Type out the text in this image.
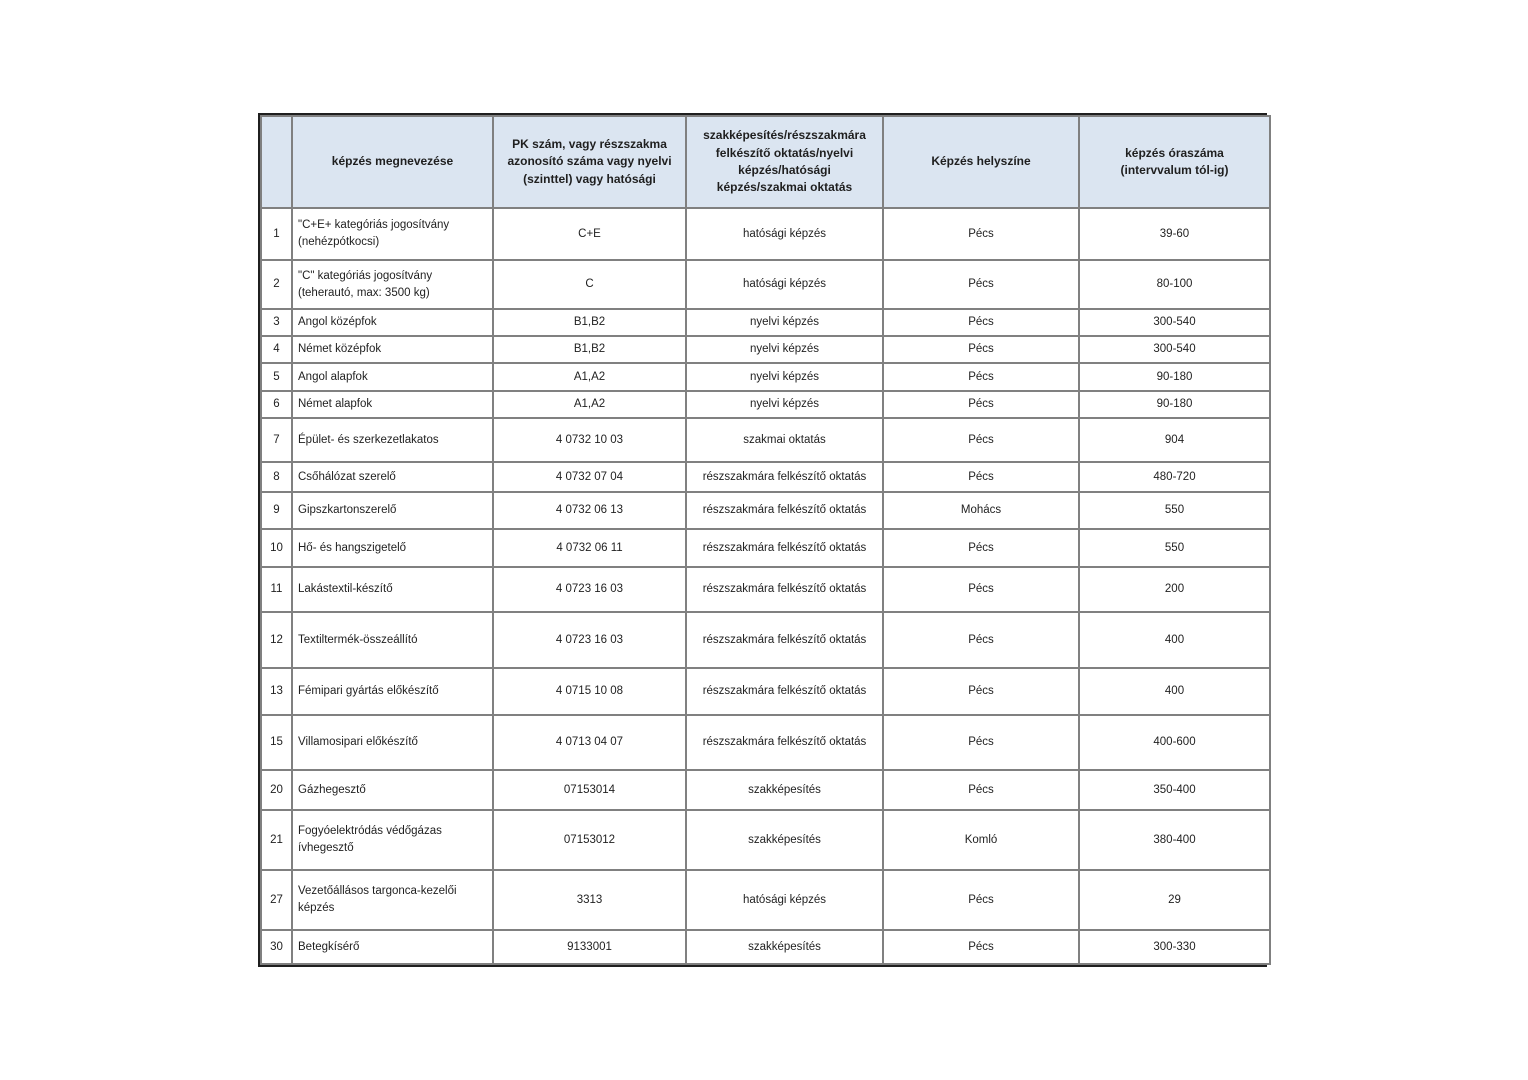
	képzés megnevezése	PK szám, vagy részszakma azonosító száma vagy nyelvi (szinttel) vagy hatósági	szakképesítés/részszakmára felkészítő oktatás/nyelvi képzés/hatósági képzés/szakmai oktatás	Képzés helyszíne	képzés óraszáma (intervvalum tól-ig)
1	"C+E+ kategóriás jogosítvány (nehézpótkocsi)	C+E	hatósági képzés	Pécs	39-60
2	"C" kategóriás jogosítvány (teherautó, max: 3500 kg)	C	hatósági képzés	Pécs	80-100
3	Angol középfok	B1,B2	nyelvi képzés	Pécs	300-540
4	Német középfok	B1,B2	nyelvi képzés	Pécs	300-540
5	Angol alapfok	A1,A2	nyelvi képzés	Pécs	90-180
6	Német alapfok	A1,A2	nyelvi képzés	Pécs	90-180
7	Épület- és szerkezetlakatos	4 0732 10 03	szakmai oktatás	Pécs	904
8	Csőhálózat szerelő	4 0732 07 04	részszakmára felkészítő oktatás	Pécs	480-720
9	Gipszkartonszerelő	4 0732 06 13	részszakmára felkészítő oktatás	Mohács	550
10	Hő- és hangszigetelő	4 0732 06 11	részszakmára felkészítő oktatás	Pécs	550
11	Lakástextil-készítő	4 0723 16 03	részszakmára felkészítő oktatás	Pécs	200
12	Textiltermék-összeállító	4 0723 16 03	részszakmára felkészítő oktatás	Pécs	400
13	Fémipari gyártás előkészítő	4 0715 10 08	részszakmára felkészítő oktatás	Pécs	400
15	Villamosipari előkészítő	4 0713 04 07	részszakmára felkészítő oktatás	Pécs	400-600
20	Gázhegesztő	07153014	szakképesítés	Pécs	350-400
21	Fogyóelektródás védőgázas ívhegesztő	07153012	szakképesítés	Komló	380-400
27	Vezetőállásos targonca-kezelői képzés	3313	hatósági képzés	Pécs	29
30	Betegkísérő	9133001	szakképesítés	Pécs	300-330
